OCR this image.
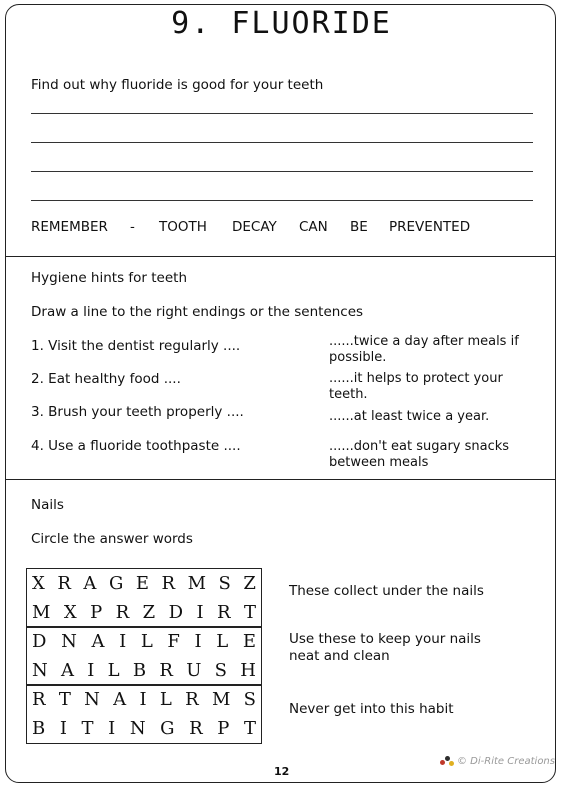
9. FLUORIDE
Find out why fluoride is good for your teeth
REMEMBER - TOOTH DECAY CAN BE PREVENTED
Hygiene hints for teeth
Draw a line to the right endings or the sentences
1. Visit the dentist regularly ....
2. Eat healthy food ....
3. Brush your teeth properly ....
4. Use a fluoride toothpaste ....
......twice a day after meals if possible.
......it helps to protect your teeth.
......at least twice a year.
......don't eat sugary snacks between meals
Nails
Circle the answer words
X R A G E R M S Z
M X P R Z D I R T
D N A I L F I L E
N A I L B R U S H
R T N A I L R M S
B I T I N G R P T
These collect under the nails
Use these to keep your nails neat and clean
Never get into this habit
12
© Di-Rite Creations
